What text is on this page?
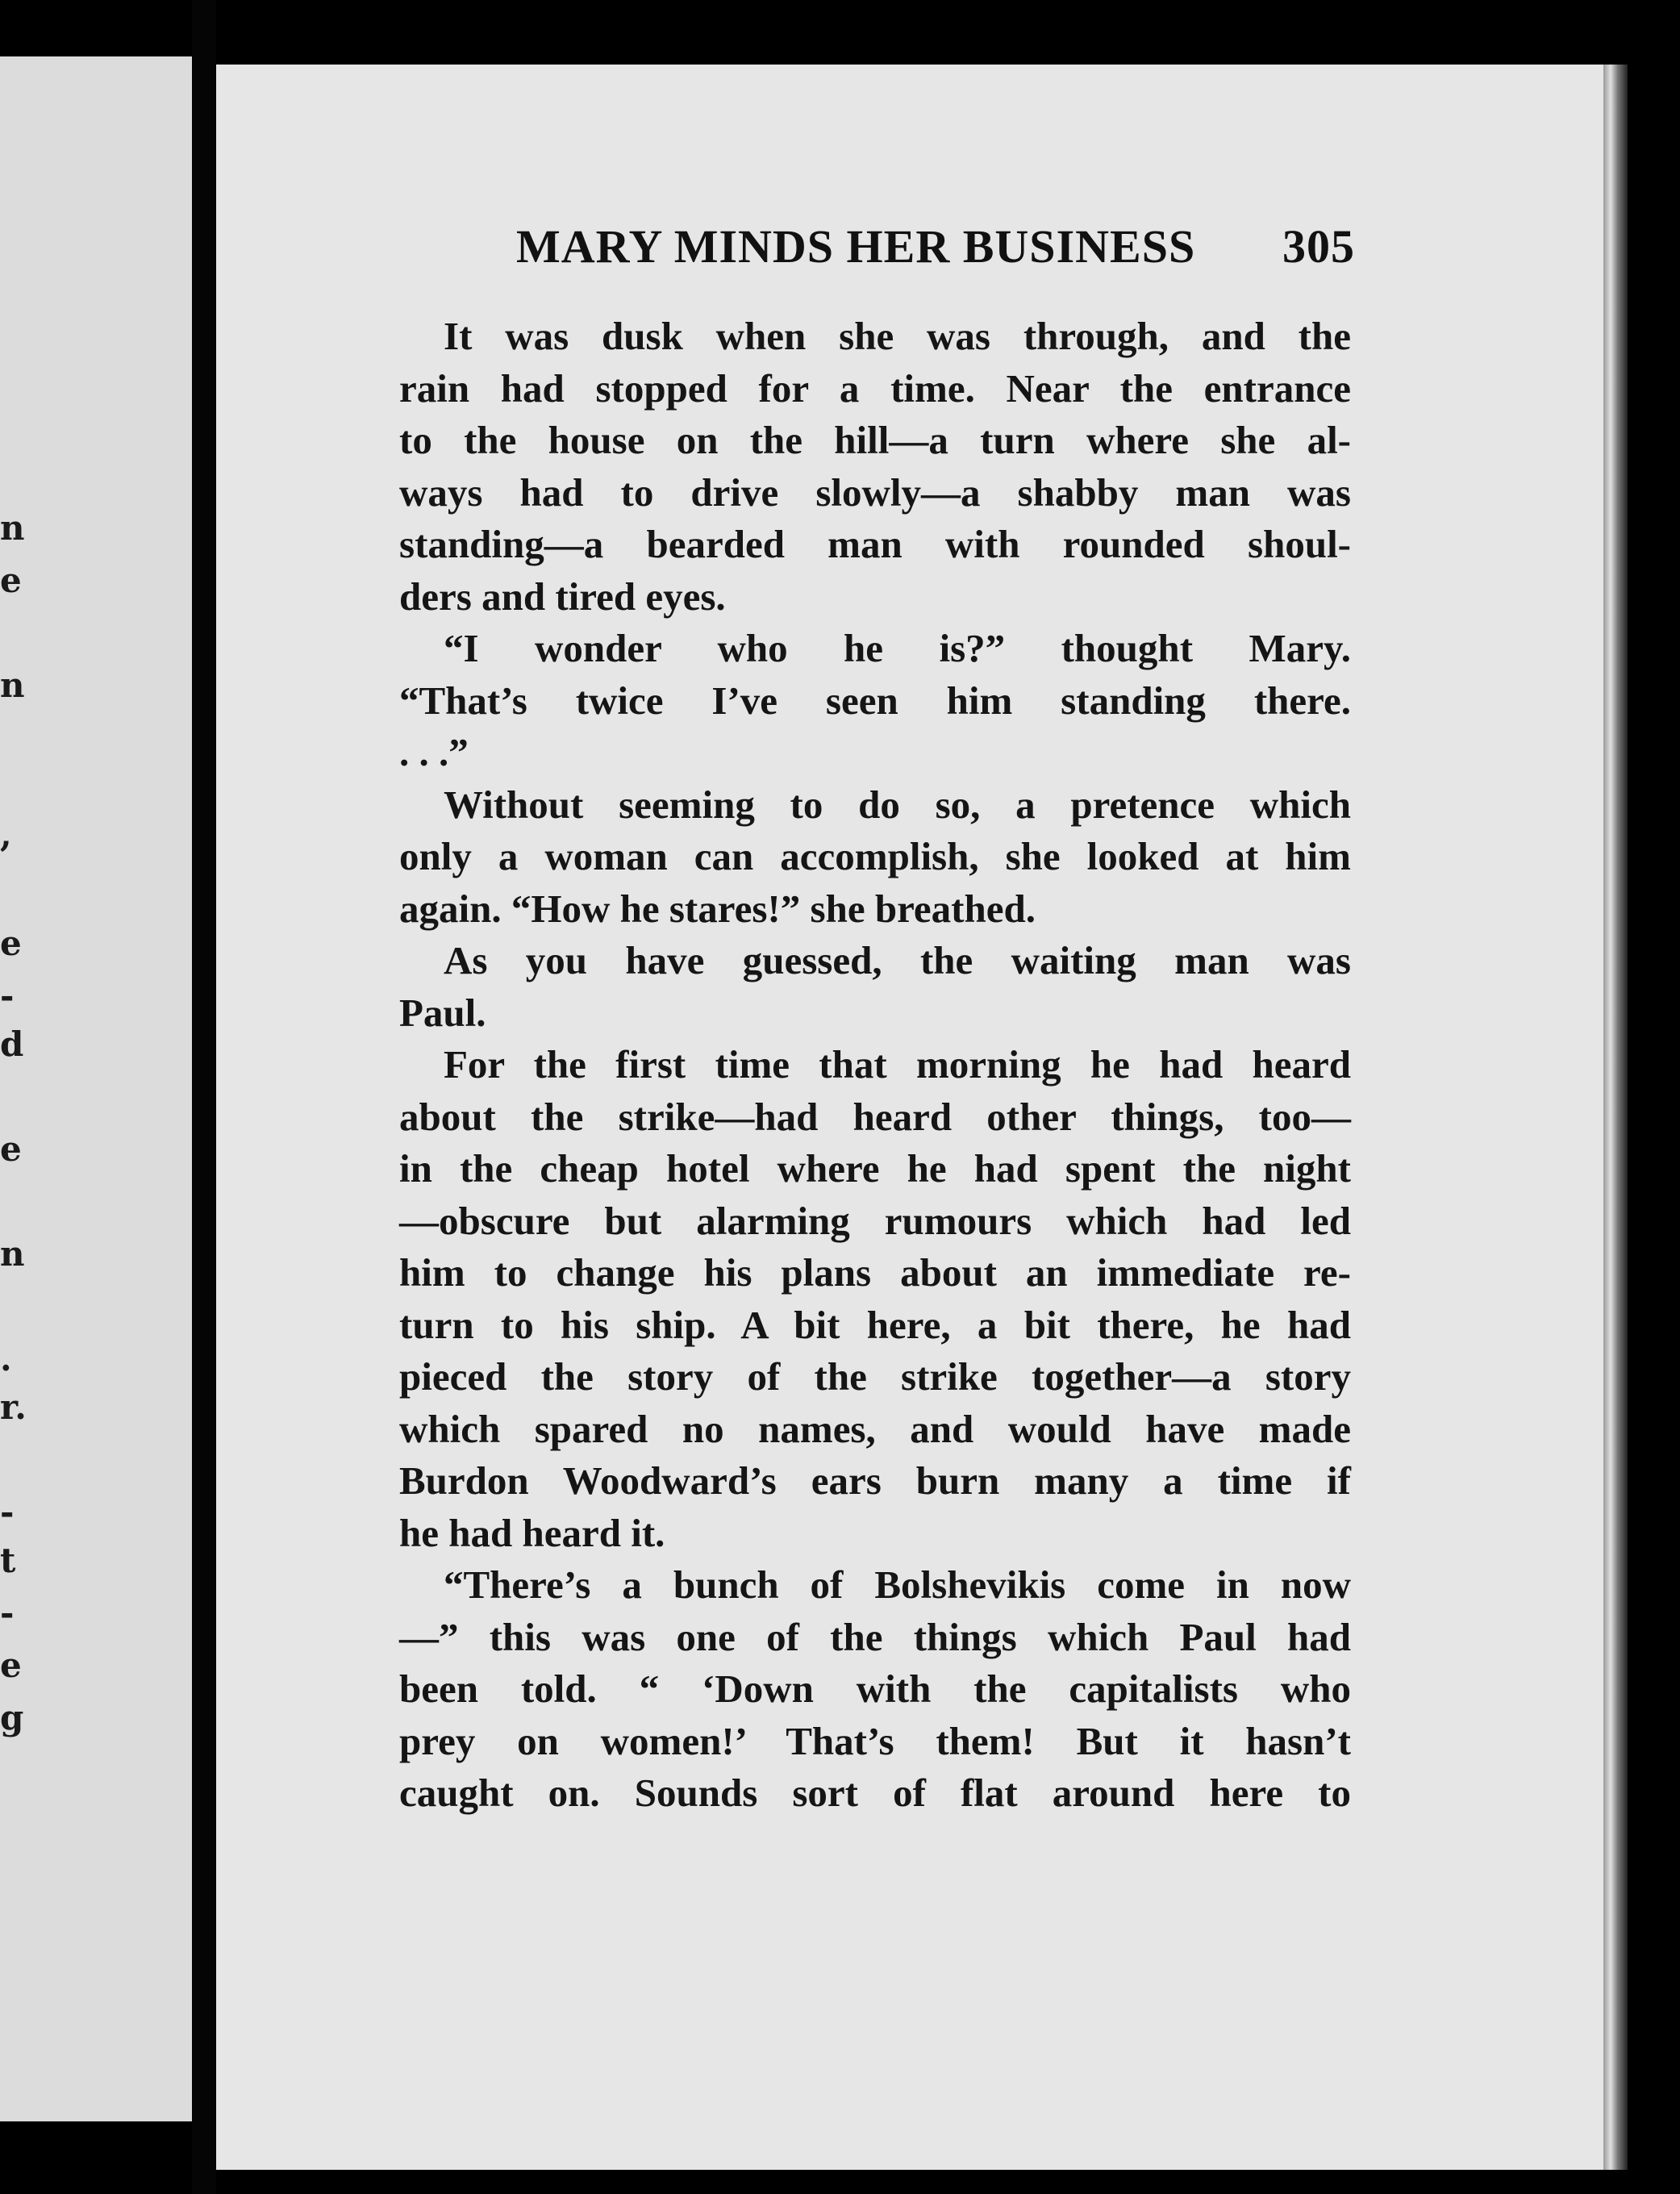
n
e
n
,
e
-
d
e
n
.
r.
-
t
-
e
g
MARY MINDS HER BUSINESS 305
It was dusk when she was through, and the
rain had stopped for a time. Near the entrance
to the house on the hill—a turn where she al-
ways had to drive slowly—a shabby man was
standing—a bearded man with rounded shoul-
ders and tired eyes.
“I wonder who he is?” thought Mary.
“That’s twice I’ve seen him standing there.
. . .”
Without seeming to do so, a pretence which
only a woman can accomplish, she looked at him
again. “How he stares!” she breathed.
As you have guessed, the waiting man was
Paul.
For the first time that morning he had heard
about the strike—had heard other things, too—
in the cheap hotel where he had spent the night
—obscure but alarming rumours which had led
him to change his plans about an immediate re-
turn to his ship. A bit here, a bit there, he had
pieced the story of the strike together—a story
which spared no names, and would have made
Burdon Woodward’s ears burn many a time if
he had heard it.
“There’s a bunch of Bolshevikis come in now
—” this was one of the things which Paul had
been told. “ ‘Down with the capitalists who
prey on women!’ That’s them! But it hasn’t
caught on. Sounds sort of flat around here to
